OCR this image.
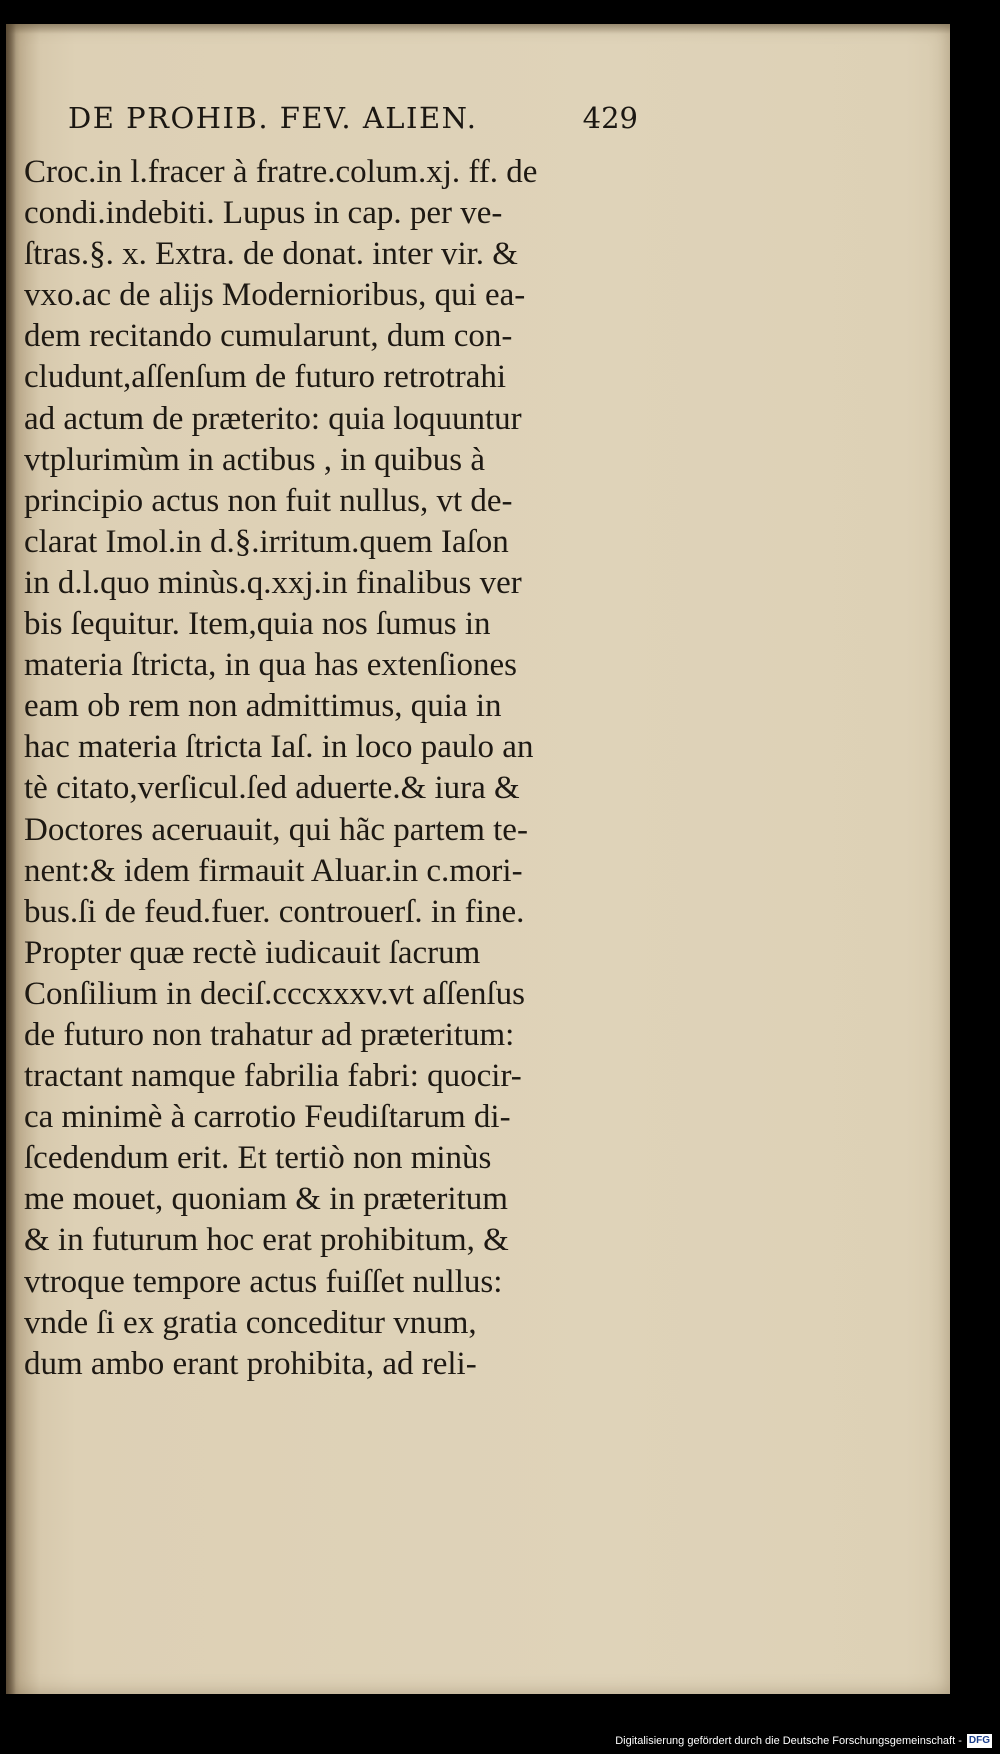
DE PROHIB. FEV. ALIEN.	429
Croc.in l.fracer à fratre.colum.xj. ff. de
condi.indebiti. Lupus in cap. per ve-
ſtras.§. x. Extra. de donat. inter vir. &
vxo.ac de alijs Modernioribus, qui ea-
dem recitando cumularunt, dum con-
cludunt,aſſenſum de futuro retrotrahi
ad actum de præterito: quia loquuntur
vtplurimùm in actibus , in quibus à
principio actus non fuit nullus, vt de-
clarat Imol.in d.§.irritum.quem Iaſon
in d.l.quo minùs.q.xxj.in finalibus ver
bis ſequitur. Item,quia nos ſumus in
materia ſtricta, in qua has extenſiones
eam ob rem non admittimus, quia in
hac materia ſtricta Iaſ. in loco paulo an
tè citato,verſicul.ſed aduerte.& iura &
Doctores aceruauit, qui hãc partem te-
nent:& idem firmauit Aluar.in c.mori-
bus.ſi de feud.fuer. controuerſ. in fine.
Propter quæ rectè iudicauit ſacrum
Conſilium in deciſ.cccxxxv.vt aſſenſus
de futuro non trahatur ad præteritum:
tractant namque fabrilia fabri: quocir-
ca minimè à carrotio Feudiſtarum di-
ſcedendum erit. Et tertiò non minùs
me mouet, quoniam & in præteritum
& in futurum hoc erat prohibitum, &
vtroque tempore actus fuiſſet nullus:
vnde ſi ex gratia conceditur vnum,
dum ambo erant prohibita, ad reli-
Digitalisierung gefördert durch die Deutsche Forschungsgemeinschaft - DFG
